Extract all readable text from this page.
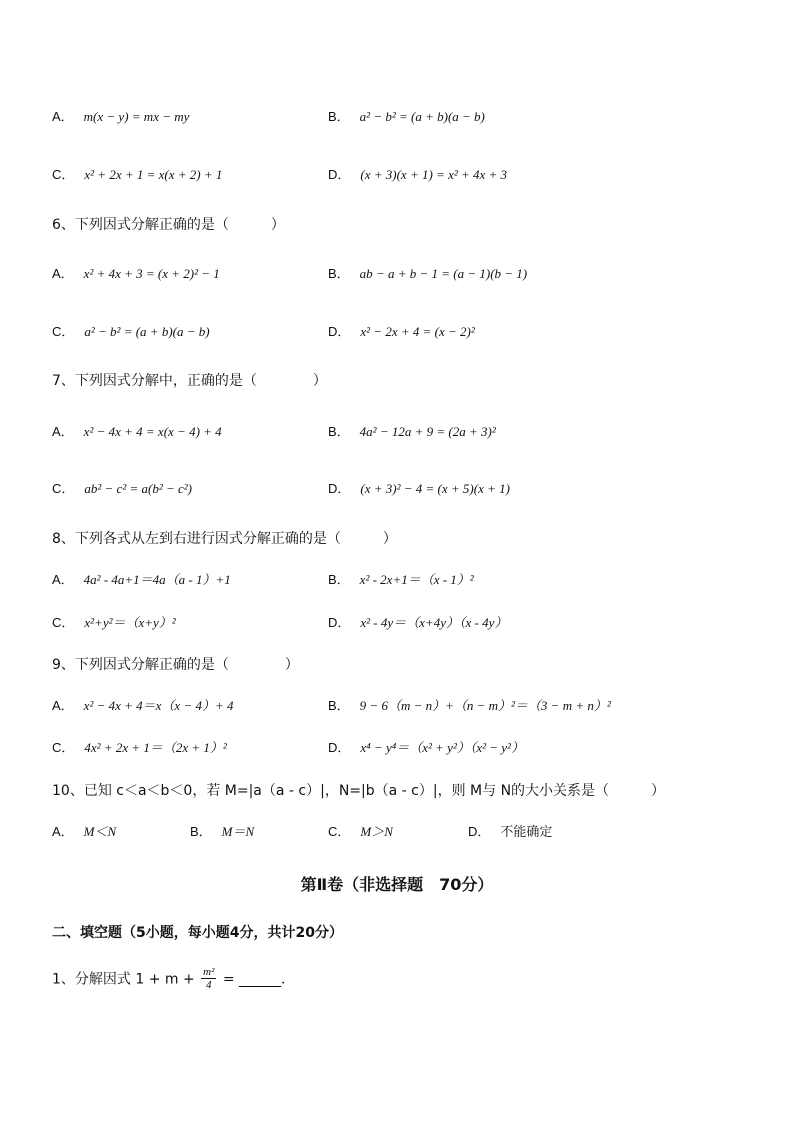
A． m(x − y) = mx − my	B． a² − b² = (a + b)(a − b)
C． x² + 2x + 1 = x(x + 2) + 1	D． (x + 3)(x + 1) = x² + 4x + 3
6、下列因式分解正确的是（　　　）
A． x² + 4x + 3 = (x + 2)² − 1	B． ab − a + b − 1 = (a − 1)(b − 1)
C． a² − b² = (a + b)(a − b)	D． x² − 2x + 4 = (x − 2)²
7、下列因式分解中，正确的是（　　　　）
A． x² − 4x + 4 = x(x − 4) + 4	B． 4a² − 12a + 9 = (2a + 3)²
C． ab² − c² = a(b² − c²)	D． (x + 3)² − 4 = (x + 5)(x + 1)
8、下列各式从左到右进行因式分解正确的是（　　　）
A． 4a² - 4a+1＝4a（a - 1）+1	B． x² - 2x+1＝（x - 1）²
C． x²+y²＝（x+y）²	D． x² - 4y＝（x+4y）（x - 4y）
9、下列因式分解正确的是（　　　　）
A． x² − 4x + 4＝x（x − 4）+ 4	B． 9 − 6（m − n）+（n − m）²＝（3 − m + n）²
C． 4x² + 2x + 1＝（2x + 1）²	D． x⁴ − y⁴＝（x² + y²）（x² − y²）
10、已知 c＜a＜b＜0，若 M=|a（a - c）|，N=|b（a - c）|，则 M与 N的大小关系是（　　　）
A． M＜N	B． M＝N	C． M＞N	D． 不能确定
第Ⅱ卷（非选择题　70分）
二、填空题（5小题，每小题4分，共计20分）
1、分解因式 $1 + m + \frac{\text{m²}}{4}$ = ______．
